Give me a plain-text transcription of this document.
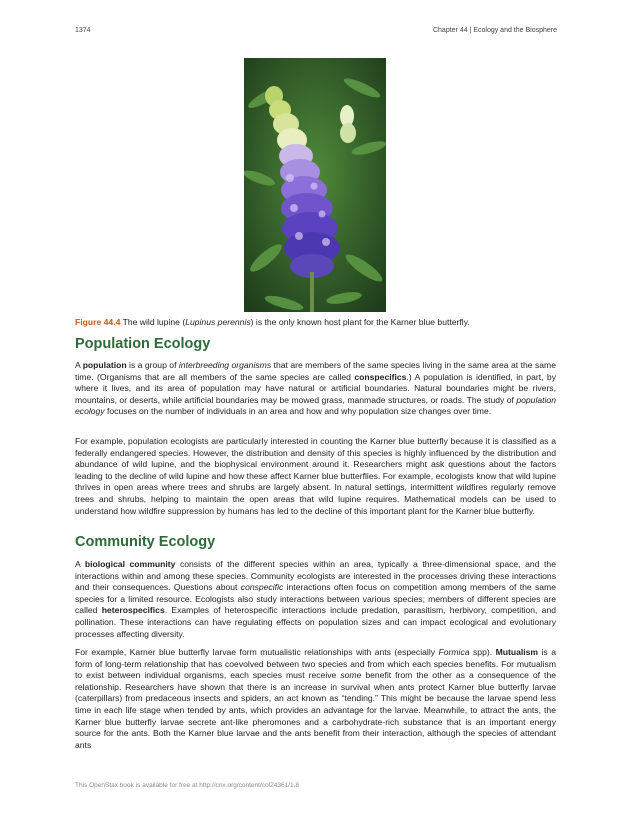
1374	Chapter 44 | Ecology and the Biosphere
Figure 44.4 The wild lupine (Lupinus perennis) is the only known host plant for the Karner blue butterfly.
Population Ecology

A population is a group of interbreeding organisms that are members of the same species living in the same area at the same time. (Organisms that are all members of the same species are called conspecifics.) A population is identified, in part, by where it lives, and its area of population may have natural or artificial boundaries. Natural boundaries might be rivers, mountains, or deserts, while artificial boundaries may be mowed grass, manmade structures, or roads. The study of population ecology focuses on the number of individuals in an area and how and why population size changes over time.

For example, population ecologists are particularly interested in counting the Karner blue butterfly because it is classified as a federally endangered species. However, the distribution and density of this species is highly influenced by the distribution and abundance of wild lupine, and the biophysical environment around it. Researchers might ask questions about the factors leading to the decline of wild lupine and how these affect Karner blue butterflies. For example, ecologists know that wild lupine thrives in open areas where trees and shrubs are largely absent. In natural settings, intermittent wildfires regularly remove trees and shrubs, helping to maintain the open areas that wild lupine requires. Mathematical models can be used to understand how wildfire suppression by humans has led to the decline of this important plant for the Karner blue butterfly.

Community Ecology

A biological community consists of the different species within an area, typically a three-dimensional space, and the interactions within and among these species. Community ecologists are interested in the processes driving these interactions and their consequences. Questions about conspecific interactions often focus on competition among members of the same species for a limited resource. Ecologists also study interactions between various species; members of different species are called heterospecifics. Examples of heterospecific interactions include predation, parasitism, herbivory, competition, and pollination. These interactions can have regulating effects on population sizes and can impact ecological and evolutionary processes affecting diversity.

For example, Karner blue butterfly larvae form mutualistic relationships with ants (especially Formica spp). Mutualism is a form of long-term relationship that has coevolved between two species and from which each species benefits. For mutualism to exist between individual organisms, each species must receive some benefit from the other as a consequence of the relationship. Researchers have shown that there is an increase in survival when ants protect Karner blue butterfly larvae (caterpillars) from predaceous insects and spiders, an act known as “tending.” This might be because the larvae spend less time in each life stage when tended by ants, which provides an advantage for the larvae. Meanwhile, to attract the ants, the Karner blue butterfly larvae secrete ant-like pheromones and a carbohydrate-rich substance that is an important energy source for the ants. Both the Karner blue larvae and the ants benefit from their interaction, although the species of attendant ants

This OpenStax book is available for free at http://cnx.org/content/col24361/1.8
